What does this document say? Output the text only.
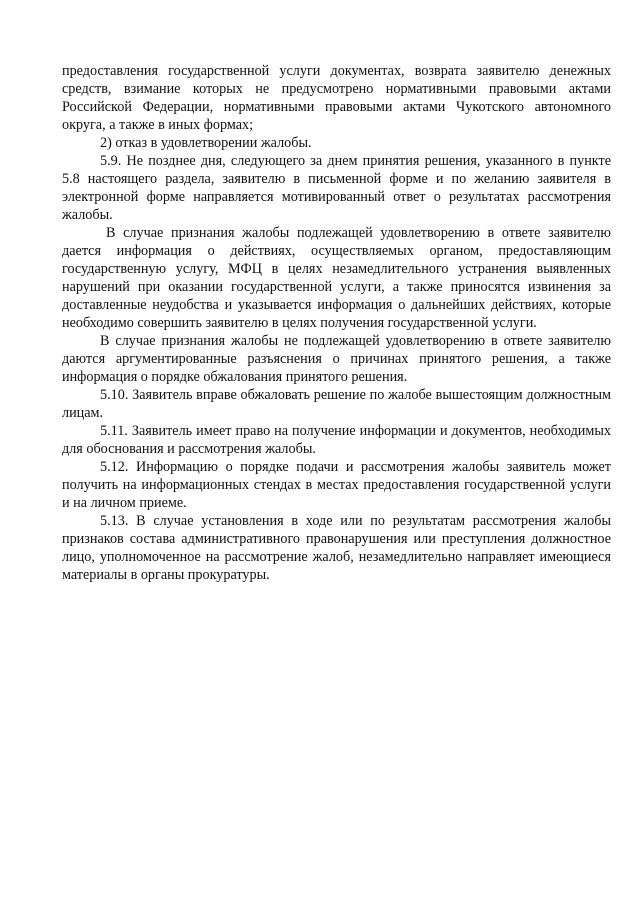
предоставления государственной услуги документах, возврата заявителю денежных средств, взимание которых не предусмотрено нормативными правовыми актами Российской Федерации, нормативными правовыми актами Чукотского автономного округа, а также в иных формах;

2) отказ в удовлетворении жалобы.

5.9. Не позднее дня, следующего за днем принятия решения, указанного в пункте 5.8 настоящего раздела, заявителю в письменной форме и по желанию заявителя в электронной форме направляется мотивированный ответ о результатах рассмотрения жалобы.

В случае признания жалобы подлежащей удовлетворению в ответе заявителю дается информация о действиях, осуществляемых органом, предоставляющим государственную услугу, МФЦ в целях незамедлительного устранения выявленных нарушений при оказании государственной услуги, а также приносятся извинения за доставленные неудобства и указывается информация о дальнейших действиях, которые необходимо совершить заявителю в целях получения государственной услуги.

В случае признания жалобы не подлежащей удовлетворению в ответе заявителю даются аргументированные разъяснения о причинах принятого решения, а также информация о порядке обжалования принятого решения.

5.10. Заявитель вправе обжаловать решение по жалобе вышестоящим должностным лицам.

5.11. Заявитель имеет право на получение информации и документов, необходимых для обоснования и рассмотрения жалобы.

5.12. Информацию о порядке подачи и рассмотрения жалобы заявитель может получить на информационных стендах в местах предоставления государственной услуги и на личном приеме.

5.13. В случае установления в ходе или по результатам рассмотрения жалобы признаков состава административного правонарушения или преступления должностное лицо, уполномоченное на рассмотрение жалоб, незамедлительно направляет имеющиеся материалы в органы прокуратуры.
